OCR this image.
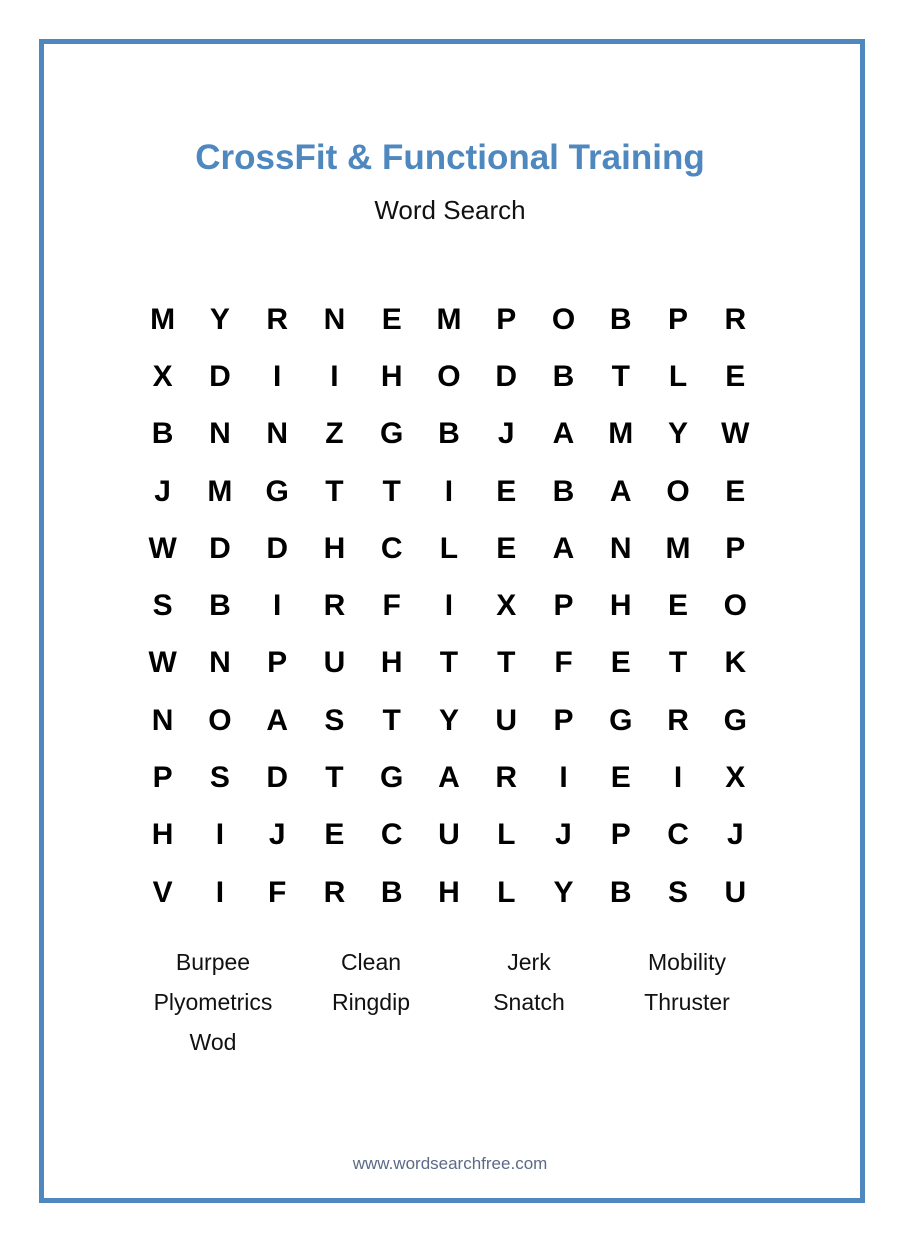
CrossFit & Functional Training
Word Search
M	Y	R	N	E	M	P	O	B	P	R
X	D	I	I	H	O	D	B	T	L	E
B	N	N	Z	G	B	J	A	M	Y	W
J	M	G	T	T	I	E	B	A	O	E
W	D	D	H	C	L	E	A	N	M	P
S	B	I	R	F	I	X	P	H	E	O
W	N	P	U	H	T	T	F	E	T	K
N	O	A	S	T	Y	U	P	G	R	G
P	S	D	T	G	A	R	I	E	I	X
H	I	J	E	C	U	L	J	P	C	J
V	I	F	R	B	H	L	Y	B	S	U
Burpee	Clean	Jerk	Mobility
Plyometrics	Ringdip	Snatch	Thruster
Wod
www.wordsearchfree.com
